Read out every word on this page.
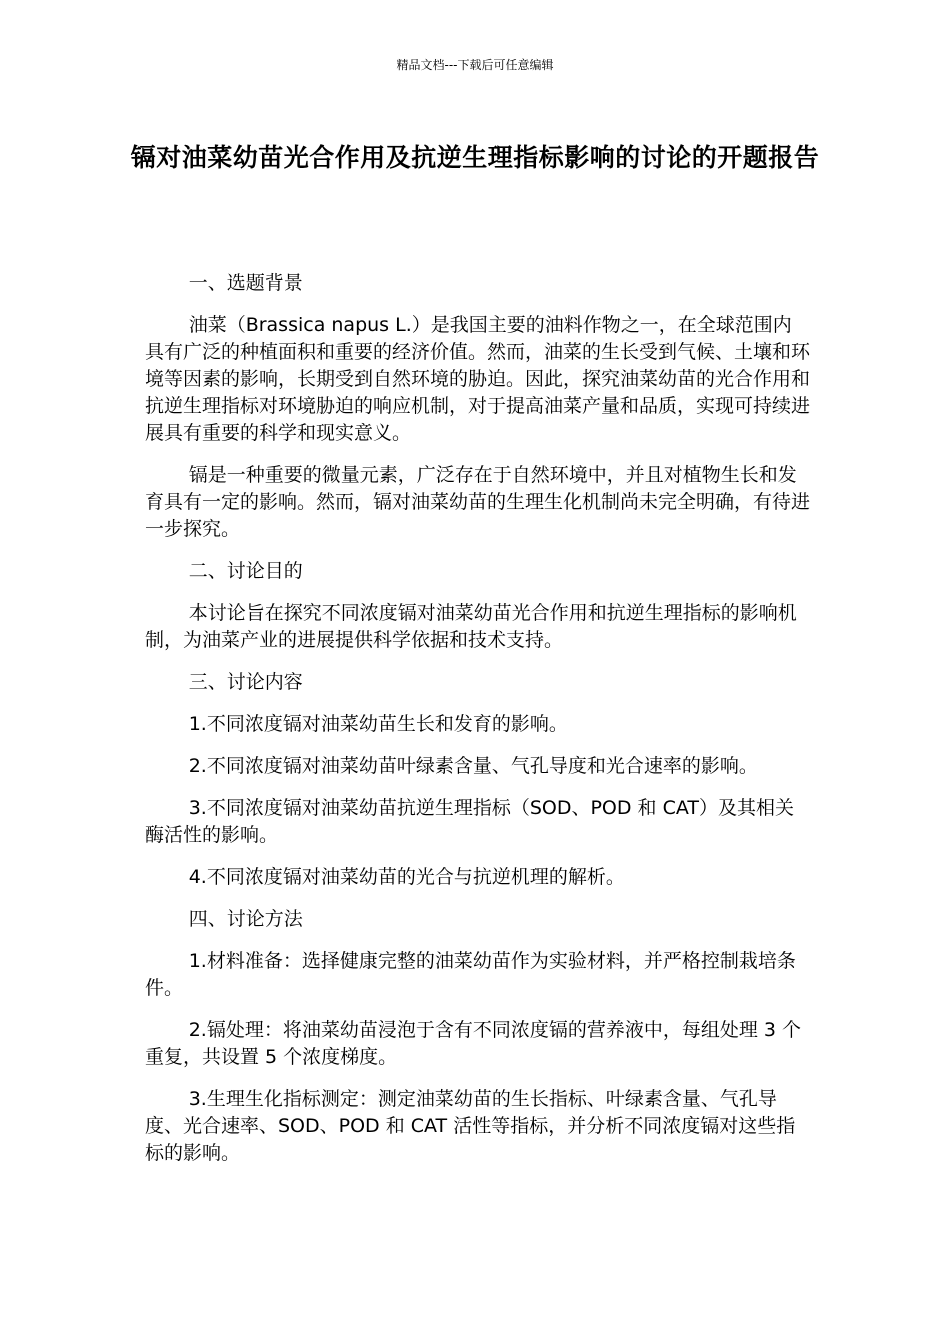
精品文档---下载后可任意编辑
镉对油菜幼苗光合作用及抗逆生理指标影响的讨论的开题报告

一、选题背景

油菜（Brassica napus L.）是我国主要的油料作物之一，在全球范围内具有广泛的种植面积和重要的经济价值。然而，油菜的生长受到气候、土壤和环境等因素的影响，长期受到自然环境的胁迫。因此，探究油菜幼苗的光合作用和抗逆生理指标对环境胁迫的响应机制，对于提高油菜产量和品质，实现可持续进展具有重要的科学和现实意义。

镉是一种重要的微量元素，广泛存在于自然环境中，并且对植物生长和发育具有一定的影响。然而，镉对油菜幼苗的生理生化机制尚未完全明确，有待进一步探究。

二、讨论目的

本讨论旨在探究不同浓度镉对油菜幼苗光合作用和抗逆生理指标的影响机制，为油菜产业的进展提供科学依据和技术支持。

三、讨论内容

1.不同浓度镉对油菜幼苗生长和发育的影响。

2.不同浓度镉对油菜幼苗叶绿素含量、气孔导度和光合速率的影响。

3.不同浓度镉对油菜幼苗抗逆生理指标（SOD、POD 和 CAT）及其相关酶活性的影响。

4.不同浓度镉对油菜幼苗的光合与抗逆机理的解析。

四、讨论方法

1.材料准备：选择健康完整的油菜幼苗作为实验材料，并严格控制栽培条件。

2.镉处理：将油菜幼苗浸泡于含有不同浓度镉的营养液中，每组处理 3 个重复，共设置 5 个浓度梯度。

3.生理生化指标测定：测定油菜幼苗的生长指标、叶绿素含量、气孔导度、光合速率、SOD、POD 和 CAT 活性等指标，并分析不同浓度镉对这些指标的影响。
